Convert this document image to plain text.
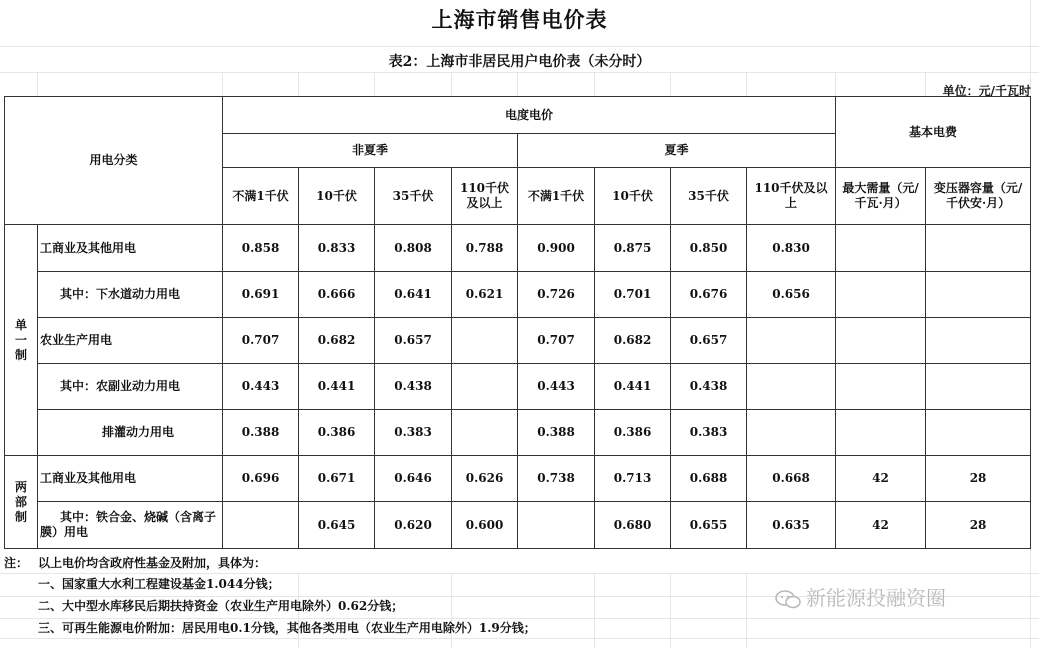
上海市销售电价表
表2：上海市非居民用户电价表（未分时）
单位：元/千瓦时
用电分类		电度电价								基本电费	
		非夏季				夏季					
		不满1千伏	10千伏	35千伏	110千伏及以上	不满1千伏	10千伏	35千伏	110千伏及以上	最大需量（元/千瓦·月）	变压器容量（元/千伏安·月）
单一制	工商业及其他用电	0.858	0.833	0.808	0.788	0.900	0.875	0.850	0.830		
	其中：下水道动力用电	0.691	0.666	0.641	0.621	0.726	0.701	0.676	0.656		
	农业生产用电	0.707	0.682	0.657		0.707	0.682	0.657			
	其中：农副业动力用电	0.443	0.441	0.438		0.443	0.441	0.438			
	排灌动力用电	0.388	0.386	0.383		0.388	0.386	0.383			
两部制	工商业及其他用电	0.696	0.671	0.646	0.626	0.738	0.713	0.688	0.668	42	28
	其中：铁合金、烧碱（含离子膜）用电		0.645	0.620	0.600		0.680	0.655	0.635	42	28
注： 以上电价均含政府性基金及附加，具体为：
一、国家重大水利工程建设基金1.044分钱；
二、大中型水库移民后期扶持资金（农业生产用电除外）0.62分钱；
三、可再生能源电价附加：居民用电0.1分钱，其他各类用电（农业生产用电除外）1.9分钱；
新能源投融资圈
